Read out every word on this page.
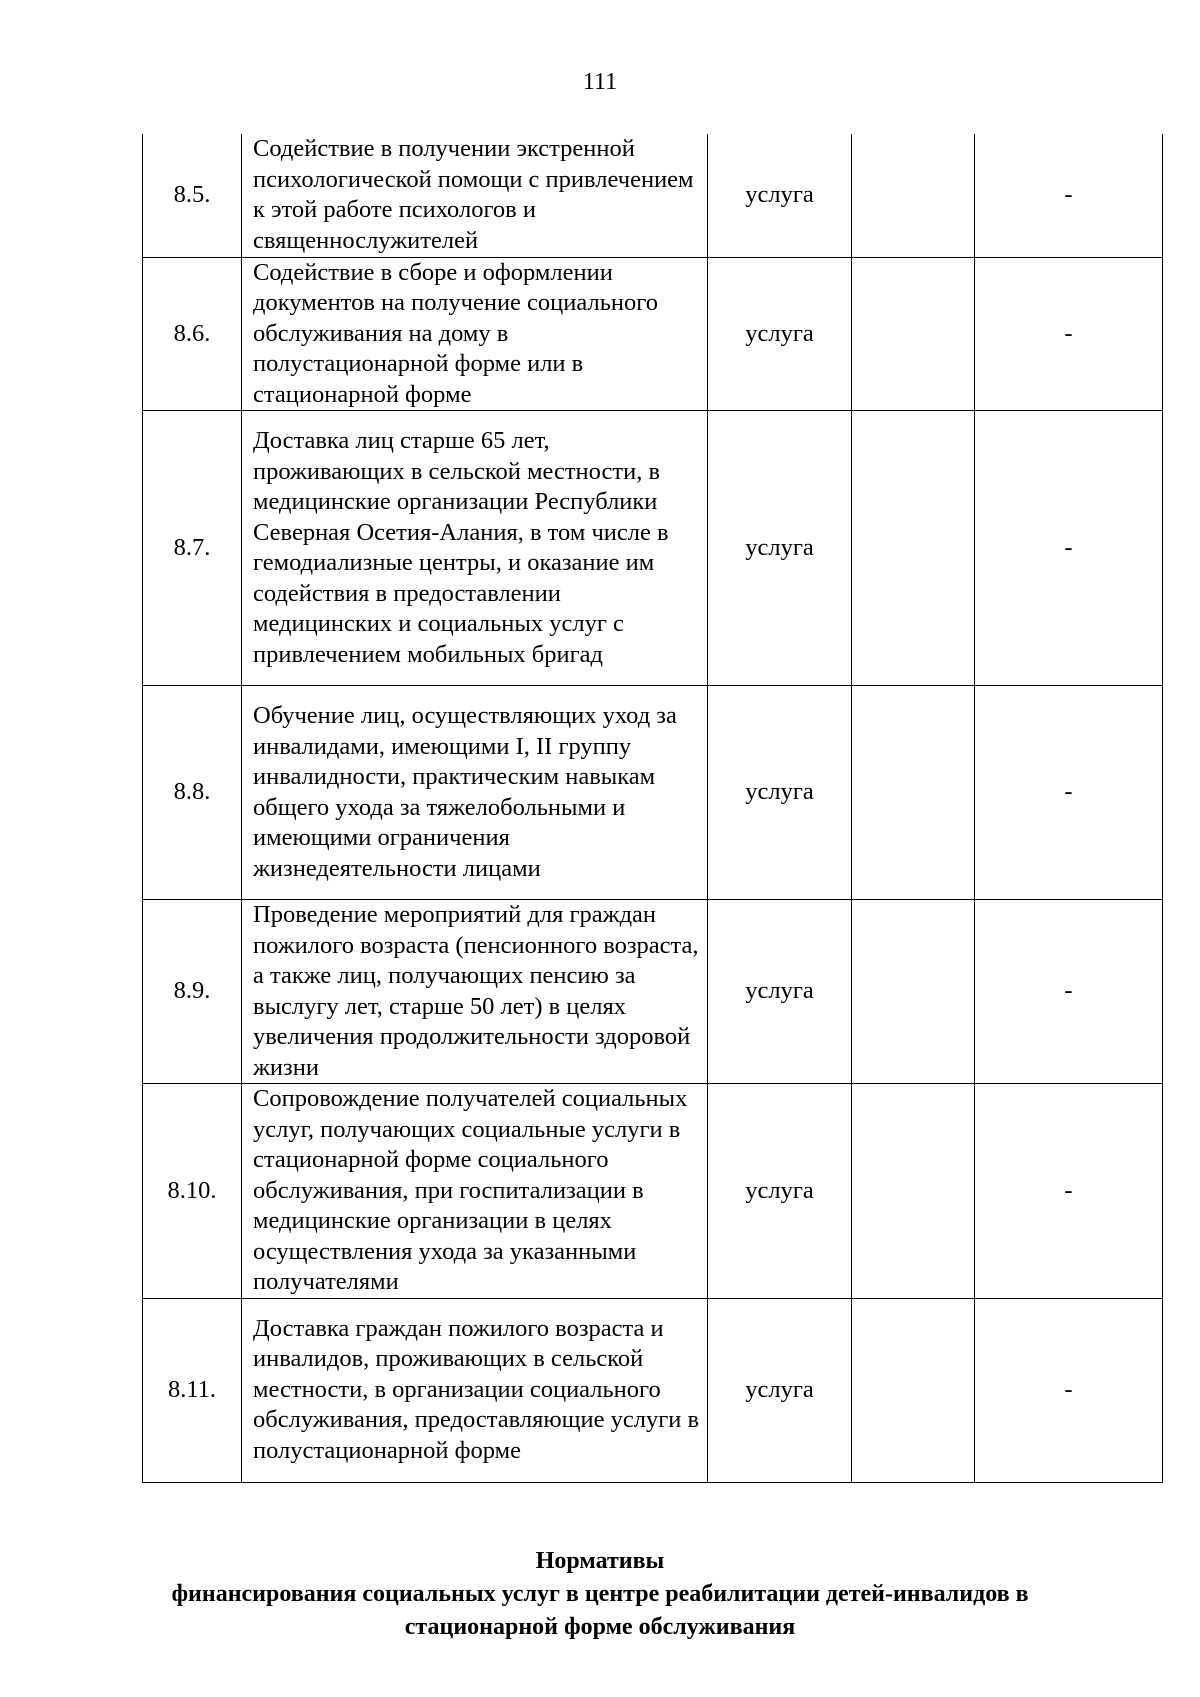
111
8.5.	Содействие в получении экстренной психологической помощи с привлечением к этой работе психологов и священнослужителей	услуга		-
8.6.	Содействие в сборе и оформлении документов на получение социального обслуживания на дому в полустационарной форме или в стационарной форме	услуга		-
8.7.	Доставка лиц старше 65 лет, проживающих в сельской местности, в медицинские организации Республики Северная Осетия-Алания, в том числе в гемодиализные центры, и оказание им содействия в предоставлении медицинских и социальных услуг с привлечением мобильных бригад	услуга		-
8.8.	Обучение лиц, осуществляющих уход за инвалидами, имеющими I, II группу инвалидности, практическим навыкам общего ухода за тяжелобольными и имеющими ограничения жизнедеятельности лицами	услуга		-
8.9.	Проведение мероприятий для граждан пожилого возраста (пенсионного возраста, а также лиц, получающих пенсию за выслугу лет, старше 50 лет) в целях увеличения продолжительности здоровой жизни	услуга		-
8.10.	Сопровождение получателей социальных услуг, получающих социальные услуги в стационарной форме социального обслуживания, при госпитализации в медицинские организации в целях осуществления ухода за указанными получателями	услуга		-
8.11.	Доставка граждан пожилого возраста и инвалидов, проживающих в сельской местности, в организации социального обслуживания, предоставляющие услуги в полустационарной форме	услуга		-
Нормативы
финансирования социальных услуг в центре реабилитации детей-инвалидов в
стационарной форме обслуживания
